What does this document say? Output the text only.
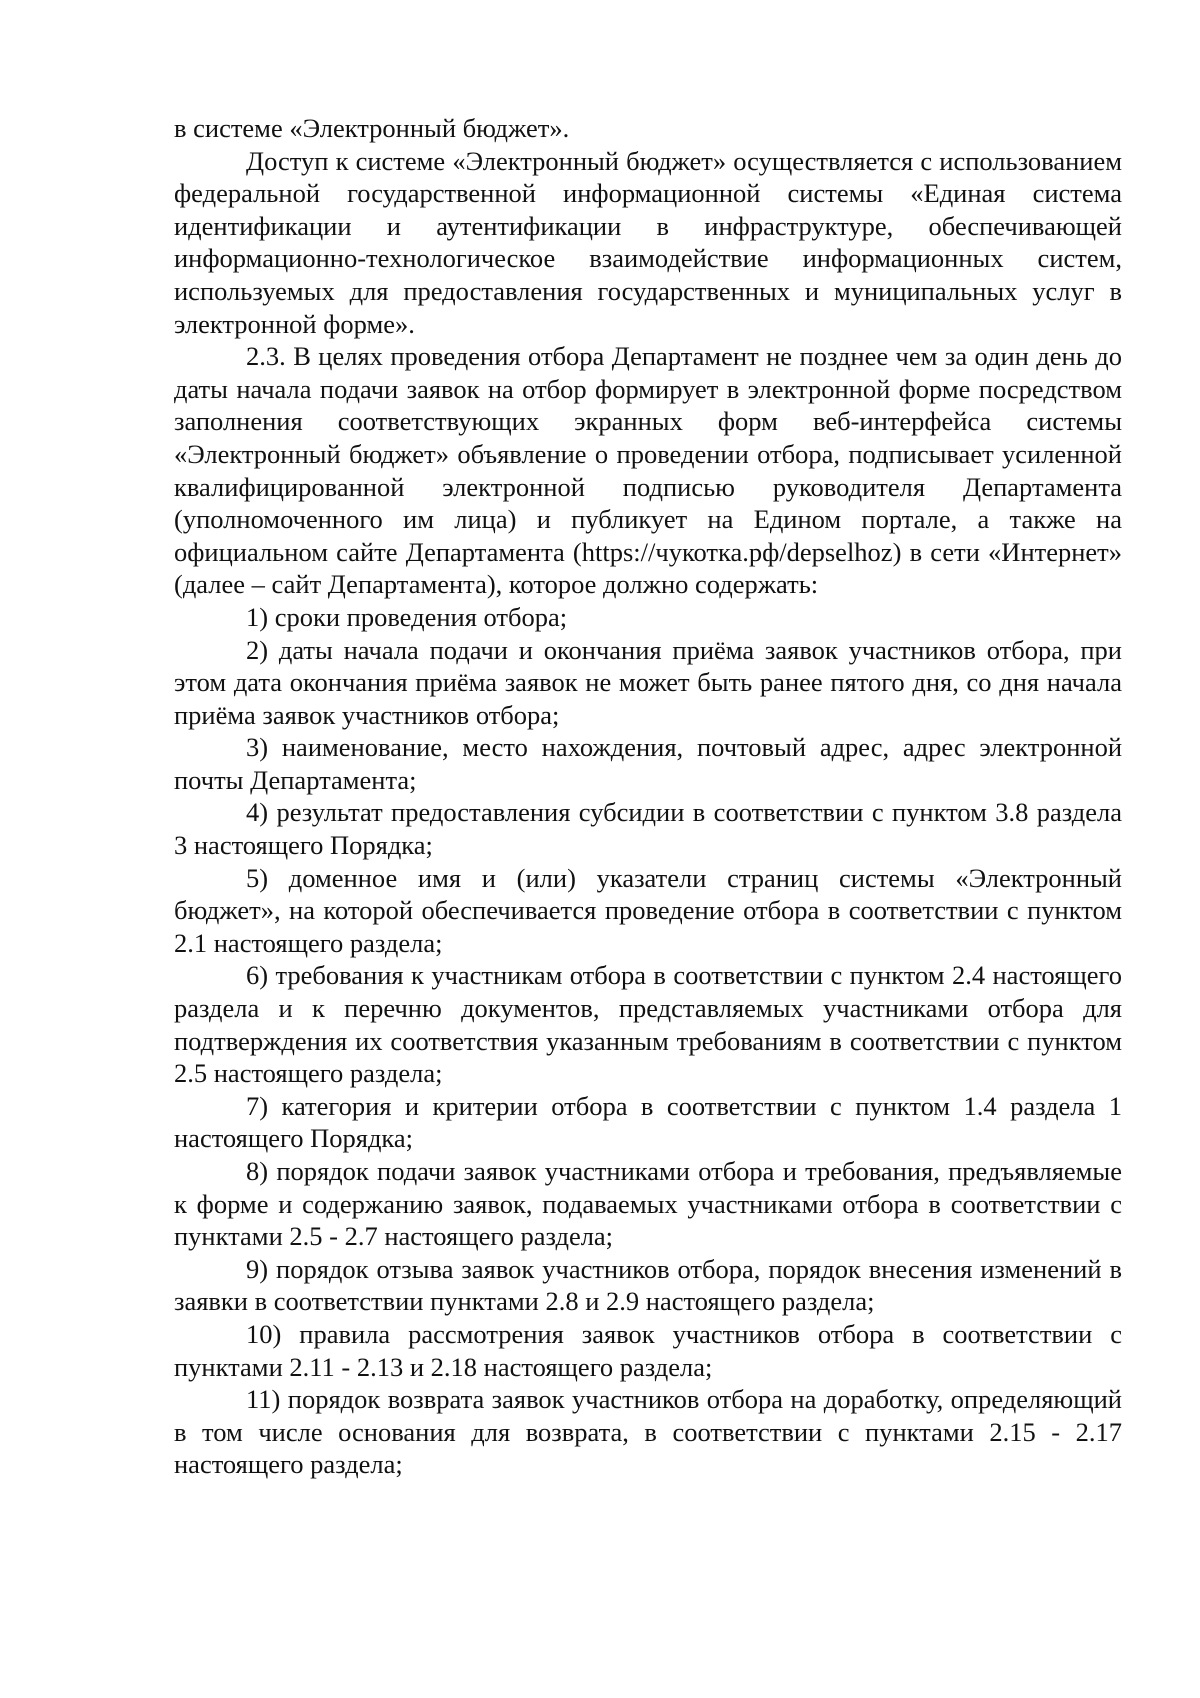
в системе «Электронный бюджет».

Доступ к системе «Электронный бюджет» осуществляется с использованием федеральной государственной информационной системы «Единая система идентификации и аутентификации в инфраструктуре, обеспечивающей информационно-технологическое взаимодействие информационных систем, используемых для предоставления государственных и муниципальных услуг в электронной форме».

2.3. В целях проведения отбора Департамент не позднее чем за один день до даты начала подачи заявок на отбор формирует в электронной форме посредством заполнения соответствующих экранных форм веб-интерфейса системы «Электронный бюджет» объявление о проведении отбора, подписывает усиленной квалифицированной электронной подписью руководителя Департамента (уполномоченного им лица) и публикует на Едином портале, а также на официальном сайте Департамента (https://чукотка.рф/depselhoz) в сети «Интернет» (далее – сайт Департамента), которое должно содержать:

1) сроки проведения отбора;

2) даты начала подачи и окончания приёма заявок участников отбора, при этом дата окончания приёма заявок не может быть ранее пятого дня, со дня начала приёма заявок участников отбора;

3) наименование, место нахождения, почтовый адрес, адрес электронной почты Департамента;

4) результат предоставления субсидии в соответствии с пунктом 3.8 раздела 3 настоящего Порядка;

5) доменное имя и (или) указатели страниц системы «Электронный бюджет», на которой обеспечивается проведение отбора в соответствии с пунктом 2.1 настоящего раздела;

6) требования к участникам отбора в соответствии с пунктом 2.4 настоящего раздела и к перечню документов, представляемых участниками отбора для подтверждения их соответствия указанным требованиям в соответствии с пунктом 2.5 настоящего раздела;

7) категория и критерии отбора в соответствии с пунктом 1.4 раздела 1 настоящего Порядка;

8) порядок подачи заявок участниками отбора и требования, предъявляемые к форме и содержанию заявок, подаваемых участниками отбора в соответствии с пунктами 2.5 - 2.7 настоящего раздела;

9) порядок отзыва заявок участников отбора, порядок внесения изменений в заявки в соответствии пунктами 2.8 и 2.9 настоящего раздела;

10) правила рассмотрения заявок участников отбора в соответствии с пунктами 2.11 - 2.13 и 2.18 настоящего раздела;

11) порядок возврата заявок участников отбора на доработку, определяющий в том числе основания для возврата, в соответствии с пунктами 2.15 - 2.17 настоящего раздела;
